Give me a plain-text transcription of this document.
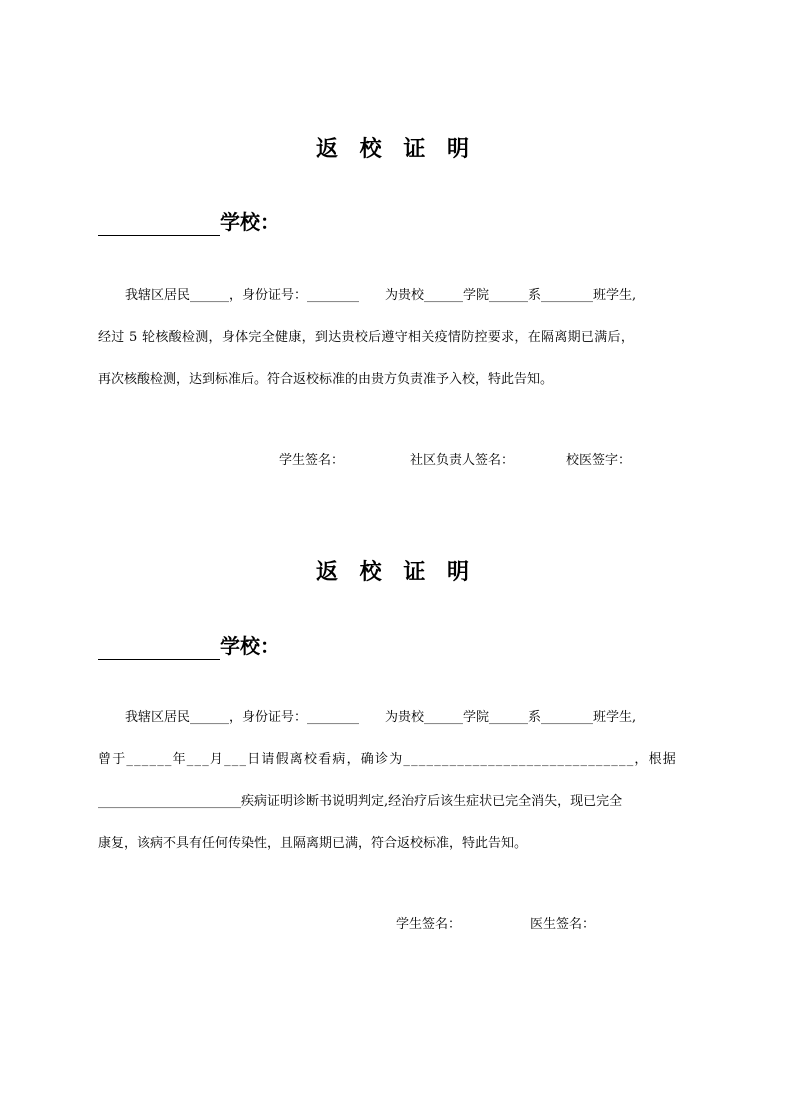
返 校 证 明
学校：
我辖区居民______，身份证号：________　　为贵校______学院______系________班学生,
经过 5 轮核酸检测，身体完全健康，到达贵校后遵守相关疫情防控要求，在隔离期已满后，
再次核酸检测，达到标准后。符合返校标准的由贵方负责准予入校，特此告知。
学生签名：	社区负责人签名：	校医签字：
返 校 证 明
学校：
我辖区居民______，身份证号：________　　为贵校______学院______系________班学生,
曾于______年___月___日请假离校看病，确诊为______________________________，根据
______________________疾病证明诊断书说明判定,经治疗后该生症状已完全消失，现已完全
康复，该病不具有任何传染性，且隔离期已满，符合返校标准，特此告知。
学生签名：	医生签名：
